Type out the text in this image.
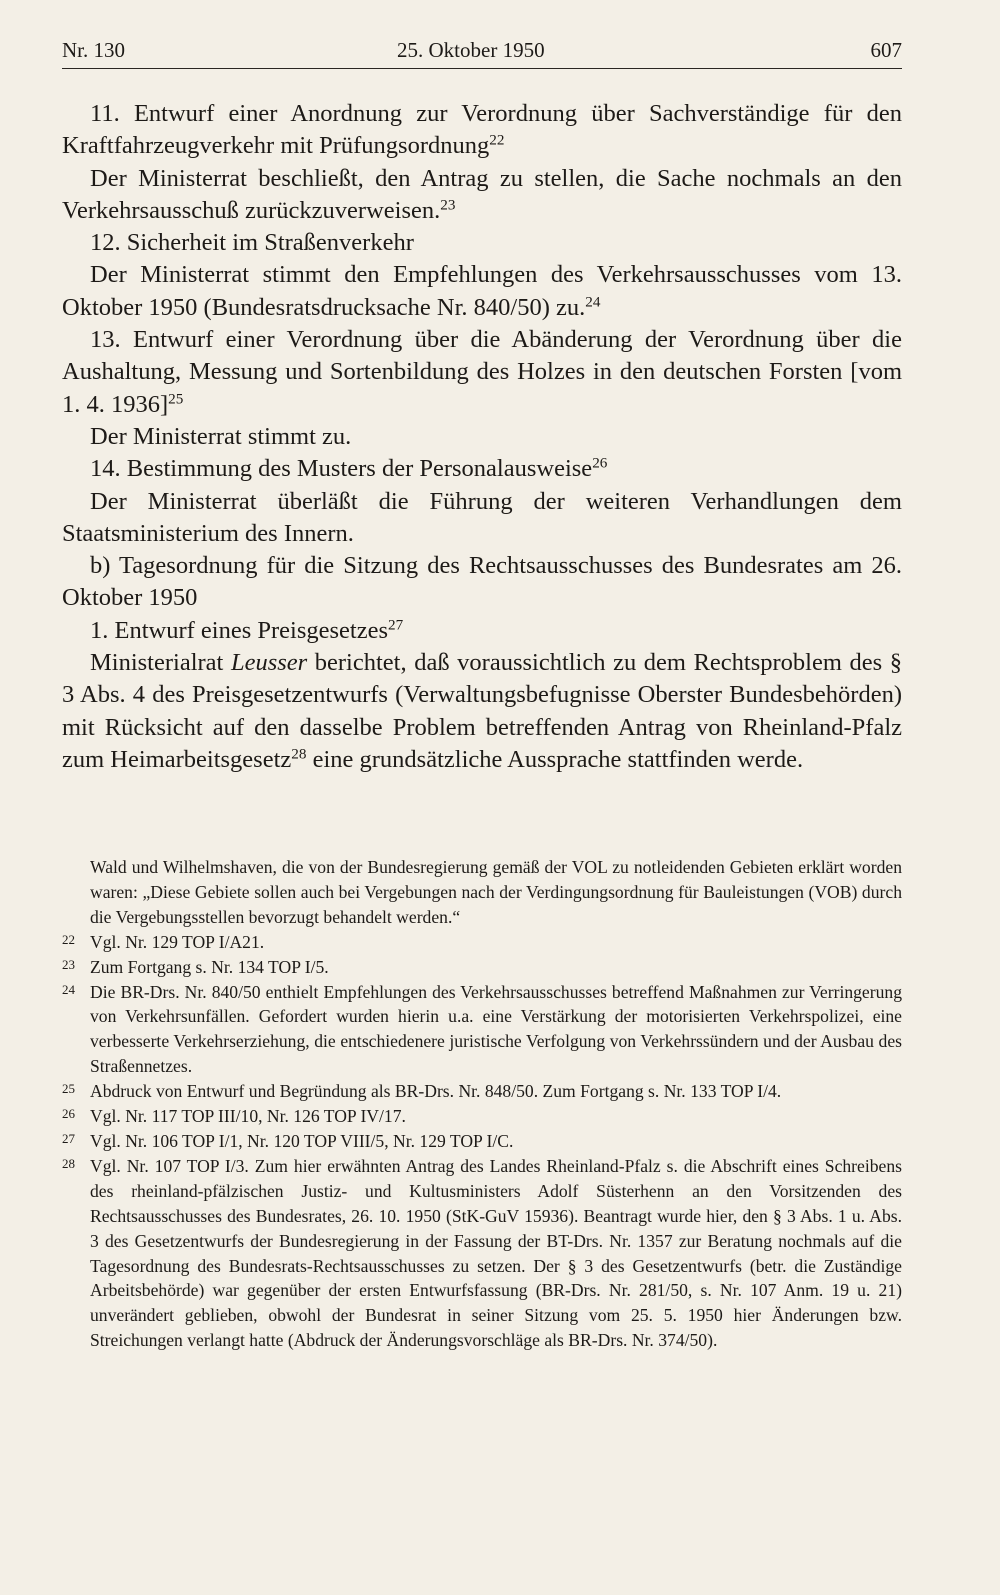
Nr. 130	25. Oktober 1950	607

11. Entwurf einer Anordnung zur Verordnung über Sachverständige für den Kraftfahrzeugverkehr mit Prüfungsordnung$^{22}$

Der Ministerrat beschließt, den Antrag zu stellen, die Sache nochmals an den Verkehrsausschuß zurückzuverweisen.$^{23}$

12. Sicherheit im Straßenverkehr

Der Ministerrat stimmt den Empfehlungen des Verkehrsausschusses vom 13. Oktober 1950 (Bundesratsdrucksache Nr. 840/50) zu.$^{24}$

13. Entwurf einer Verordnung über die Abänderung der Verordnung über die Aushaltung, Messung und Sortenbildung des Holzes in den deutschen Forsten [vom 1. 4. 1936]$^{25}$

Der Ministerrat stimmt zu.

14. Bestimmung des Musters der Personalausweise$^{26}$

Der Ministerrat überläßt die Führung der weiteren Verhandlungen dem Staatsministerium des Innern.

b) Tagesordnung für die Sitzung des Rechtsausschusses des Bundesrates am 26. Oktober 1950

1. Entwurf eines Preisgesetzes$^{27}$

Ministerialrat Leusser berichtet, daß voraussichtlich zu dem Rechtsproblem des § 3 Abs. 4 des Preisgesetzentwurfs (Verwaltungsbefugnisse Oberster Bundesbehörden) mit Rücksicht auf den dasselbe Problem betreffenden Antrag von Rheinland-Pfalz zum Heimarbeitsgesetz$^{28}$ eine grundsätzliche Aussprache stattfinden werde.

Wald und Wilhelmshaven, die von der Bundesregierung gemäß der VOL zu notleidenden Gebieten erklärt worden waren: „Diese Gebiete sollen auch bei Vergebungen nach der Verdingungsordnung für Bauleistungen (VOB) durch die Vergebungsstellen bevorzugt behandelt werden.“

22 Vgl. Nr. 129 TOP I/A21.

23 Zum Fortgang s. Nr. 134 TOP I/5.

24 Die BR-Drs. Nr. 840/50 enthielt Empfehlungen des Verkehrsausschusses betreffend Maßnahmen zur Verringerung von Verkehrsunfällen. Gefordert wurden hierin u.a. eine Verstärkung der motorisierten Verkehrspolizei, eine verbesserte Verkehrserziehung, die entschiedenere juristische Verfolgung von Verkehrssündern und der Ausbau des Straßennetzes.

25 Abdruck von Entwurf und Begründung als BR-Drs. Nr. 848/50. Zum Fortgang s. Nr. 133 TOP I/4.

26 Vgl. Nr. 117 TOP III/10, Nr. 126 TOP IV/17.

27 Vgl. Nr. 106 TOP I/1, Nr. 120 TOP VIII/5, Nr. 129 TOP I/C.

28 Vgl. Nr. 107 TOP I/3. Zum hier erwähnten Antrag des Landes Rheinland-Pfalz s. die Abschrift eines Schreibens des rheinland-pfälzischen Justiz- und Kultusministers Adolf Süsterhenn an den Vorsitzenden des Rechtsausschusses des Bundesrates, 26. 10. 1950 (StK-GuV 15936). Beantragt wurde hier, den § 3 Abs. 1 u. Abs. 3 des Gesetzentwurfs der Bundesregierung in der Fassung der BT-Drs. Nr. 1357 zur Beratung nochmals auf die Tagesordnung des Bundesrats-Rechtsausschusses zu setzen. Der § 3 des Gesetzentwurfs (betr. die Zuständige Arbeitsbehörde) war gegenüber der ersten Entwurfsfassung (BR-Drs. Nr. 281/50, s. Nr. 107 Anm. 19 u. 21) unverändert geblieben, obwohl der Bundesrat in seiner Sitzung vom 25. 5. 1950 hier Änderungen bzw. Streichungen verlangt hatte (Abdruck der Änderungsvorschläge als BR-Drs. Nr. 374/50).
